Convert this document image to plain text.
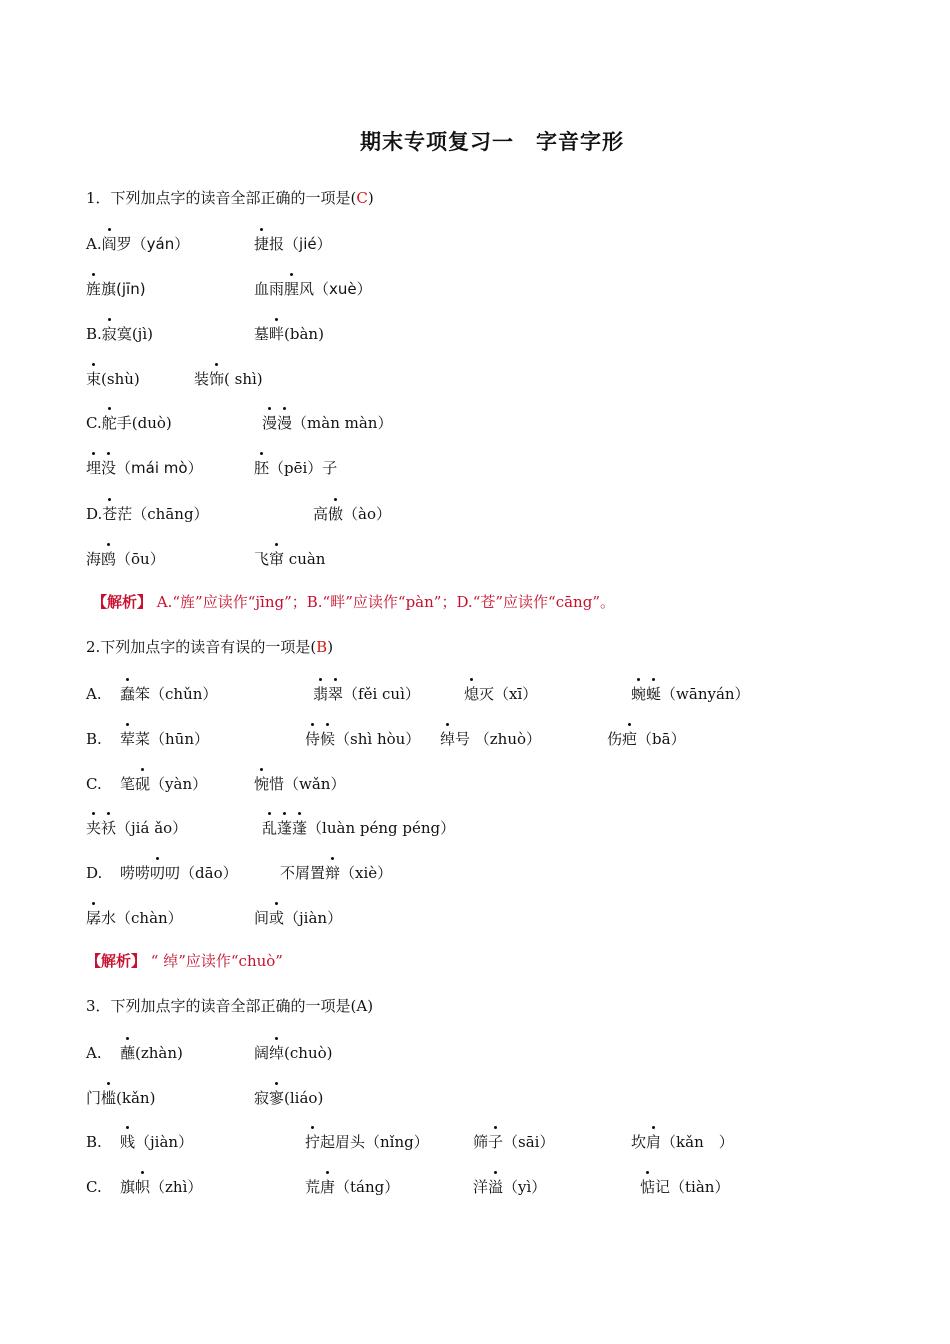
期末专项复习一　字音字形
1．下列加点字的读音全部正确的一项是(C)
A.阎罗（yán）	捷报（jié）
旌旗(jīn)	血雨腥风（xuè）
B.寂寞(jì)	墓畔(bàn)
束(shù)	装饰( shì)
C.舵手(duò)	漫漫（màn màn）
埋没（mái mò）	胚（pēi）子
D.苍茫（chāng）	高傲（ào）
海鸥（ōu）	飞窜 cuàn
【解析】 A.“旌”应读作“jīng”；B.“畔”应读作“pàn”；D.“苍”应读作“cāng”。
2.下列加点字的读音有误的一项是(B)
A. 蠢笨（chǔn）	翡翠（fěi cuì）	熄灭（xī）	蜿蜒（wānyán）
B. 荤菜（hūn）	侍候（shì hòu） 绰号 （zhuò）	伤疤（bā）
C. 笔砚（yàn）	惋惜（wǎn）
夹袄（jiá ǎo）	乱蓬蓬（luàn péng péng）
D. 唠唠叨叨（dāo）	不屑置辩（xiè）
孱水（chàn）	间或（jiàn）
【解析】 “ 绰”应读作“chuò”
3．下列加点字的读音全部正确的一项是(A)
A. 蘸(zhàn)	阔绰(chuò)
门槛(kǎn)	寂寥(liáo)
B. 贱（jiàn）	拧起眉头（nǐng）	筛子（sāi）	坎肩（kǎn　）
C. 旗帜（zhì）	荒唐（táng）	洋溢（yì）	惦记（tiàn）
